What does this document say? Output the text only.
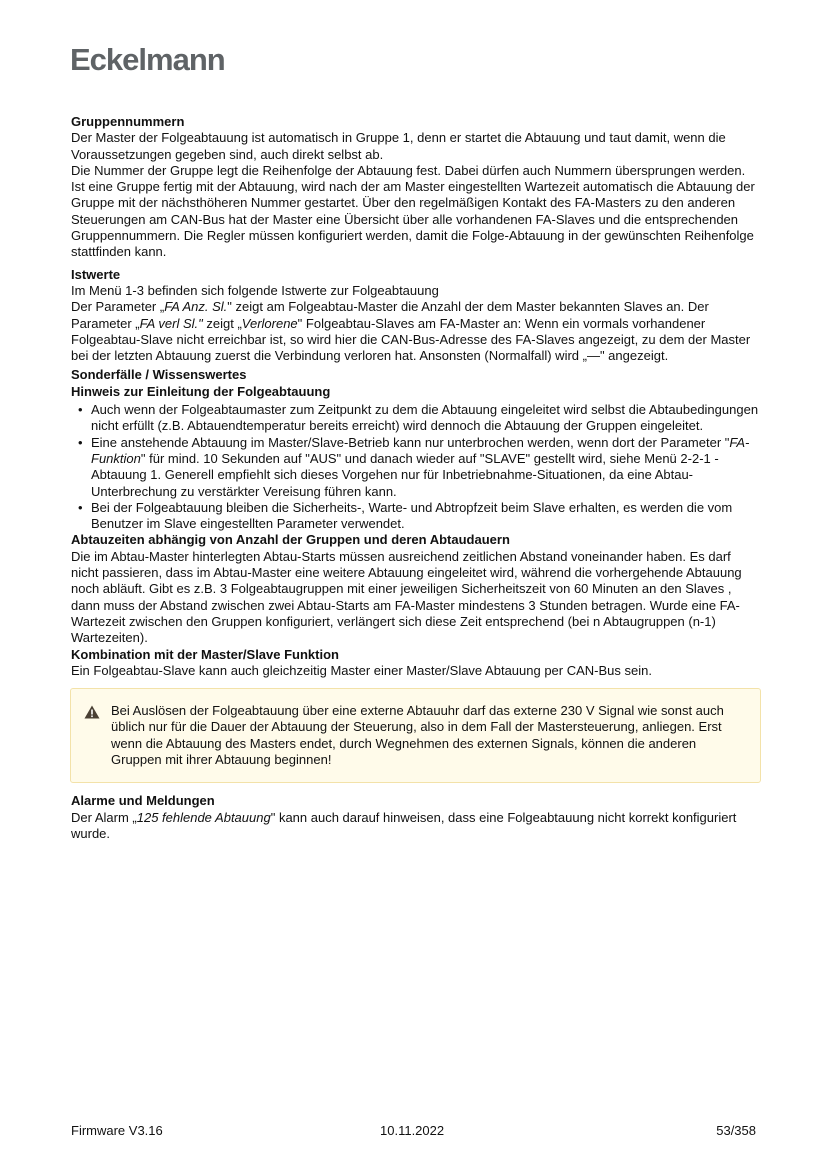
Eckelmann
Gruppennummern

Der Master der Folgeabtauung ist automatisch in Gruppe 1, denn er startet die Abtauung und taut damit, wenn die Voraussetzungen gegeben sind, auch direkt selbst ab.

Die Nummer der Gruppe legt die Reihenfolge der Abtauung fest. Dabei dürfen auch Nummern übersprungen werden. Ist eine Gruppe fertig mit der Abtauung, wird nach der am Master eingestellten Wartezeit automatisch die Abtauung der Gruppe mit der nächsthöheren Nummer gestartet. Über den regelmäßigen Kontakt des FA-Masters zu den anderen Steuerungen am CAN-Bus hat der Master eine Übersicht über alle vorhandenen FA-Slaves und die entsprechenden Gruppennummern. Die Regler müssen konfiguriert werden, damit die Folge-Abtauung in der gewünschten Reihenfolge stattfinden kann.

Istwerte

Im Menü 1-3 befinden sich folgende Istwerte zur Folgeabtauung

Der Parameter „FA Anz. Sl." zeigt am Folgeabtau-Master die Anzahl der dem Master bekannten Slaves an. Der Parameter „FA verl Sl." zeigt „Verlorene" Folgeabtau-Slaves am FA-Master an: Wenn ein vormals vorhandener Folgeabtau-Slave nicht erreichbar ist, so wird hier die CAN-Bus-Adresse des FA-Slaves angezeigt, zu dem der Master bei der letzten Abtauung zuerst die Verbindung verloren hat. Ansonsten (Normalfall) wird „—" angezeigt.

Sonderfälle / Wissenswertes
Hinweis zur Einleitung der Folgeabtauung
• Auch wenn der Folgeabtaumaster zum Zeitpunkt zu dem die Abtauung eingeleitet wird selbst die Abtaubedingungen nicht erfüllt (z.B. Abtauendtemperatur bereits erreicht) wird dennoch die Abtauung der Gruppen eingeleitet.
• Eine anstehende Abtauung im Master/Slave-Betrieb kann nur unterbrochen werden, wenn dort der Parameter "FA-Funktion" für mind. 10 Sekunden auf "AUS" und danach wieder auf "SLAVE" gestellt wird, siehe Menü 2-2-1 - Abtauung 1. Generell empfiehlt sich dieses Vorgehen nur für Inbetriebnahme-Situationen, da eine Abtau-Unterbrechung zu verstärkter Vereisung führen kann.
• Bei der Folgeabtauung bleiben die Sicherheits-, Warte- und Abtropfzeit beim Slave erhalten, es werden die vom Benutzer im Slave eingestellten Parameter verwendet.
Abtauzeiten abhängig von Anzahl der Gruppen und deren Abtaudauern

Die im Abtau-Master hinterlegten Abtau-Starts müssen ausreichend zeitlichen Abstand voneinander haben. Es darf nicht passieren, dass im Abtau-Master eine weitere Abtauung eingeleitet wird, während die vorhergehende Abtauung noch abläuft. Gibt es z.B. 3 Folgeabtaugruppen mit einer jeweiligen Sicherheitszeit von 60 Minuten an den Slaves , dann muss der Abstand zwischen zwei Abtau-Starts am FA-Master mindestens 3 Stunden betragen. Wurde eine FA-Wartezeit zwischen den Gruppen konfiguriert, verlängert sich diese Zeit entsprechend (bei n Abtaugruppen (n-1) Wartezeiten).

Kombination mit der Master/Slave Funktion

Ein Folgeabtau-Slave kann auch gleichzeitig Master einer Master/Slave Abtauung per CAN-Bus sein.

Bei Auslösen der Folgeabtauung über eine externe Abtauuhr darf das externe 230 V Signal wie sonst auch üblich nur für die Dauer der Abtauung der Steuerung, also in dem Fall der Mastersteuerung, anliegen. Erst wenn die Abtauung des Masters endet, durch Wegnehmen des externen Signals, können die anderen Gruppen mit ihrer Abtauung beginnen!
Alarme und Meldungen

Der Alarm „125 fehlende Abtauung" kann auch darauf hinweisen, dass eine Folgeabtauung nicht korrekt konfiguriert wurde.

Firmware V3.16	10.11.2022	53/358
